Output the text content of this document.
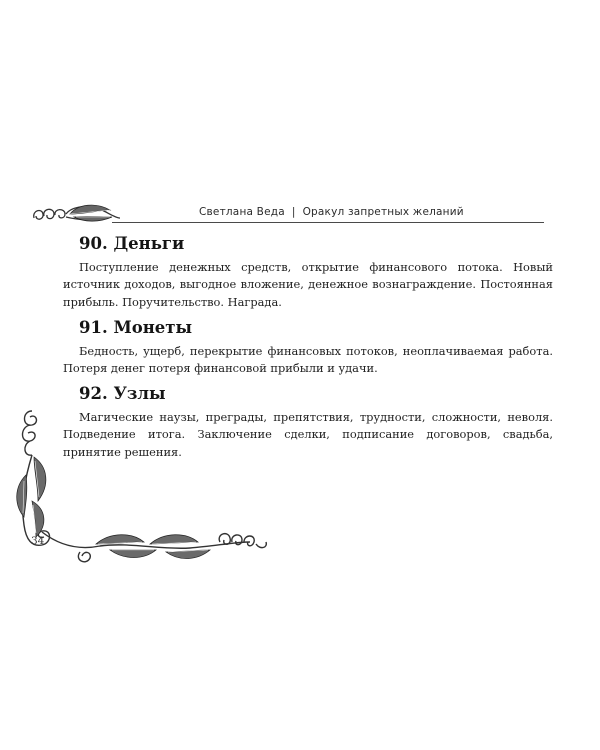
Светлана Веда | Оракул запретных желаний
90. Деньги

Поступление денежных средств, открытие финансового потока. Новый источник доходов, выгодное вложение, денежное вознаграждение. Постоянная прибыль. Поручительство. Награда.

91. Монеты

Бедность, ущерб, перекрытие финансовых потоков, неоплачиваемая работа. Потеря денег потеря финансовой прибыли и удачи.

92. Узлы

Магические наузы, преграды, препятствия, трудности, сложности, неволя. Подведение итога. Заключение сделки, подписание договоров, свадьба, принятие решения.

34
